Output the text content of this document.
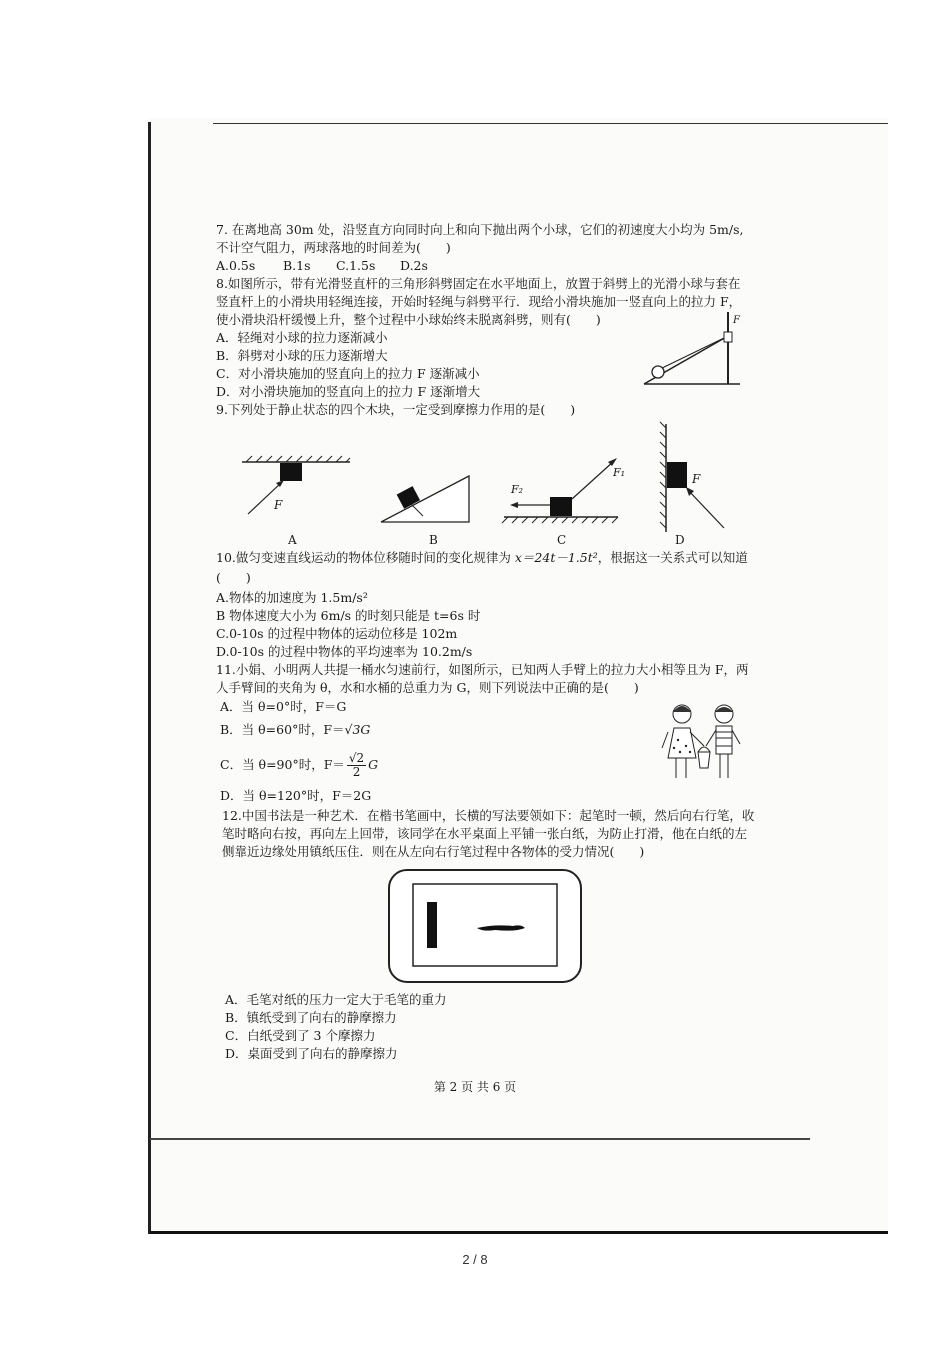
7. 在离地高 30m 处，沿竖直方向同时向上和向下抛出两个小球，它们的初速度大小均为 5m/s,
不计空气阻力，两球落地的时间差为(　　)
A.0.5s B.1s C.1.5s D.2s
8.如图所示，带有光滑竖直杆的三角形斜劈固定在水平地面上，放置于斜劈上的光滑小球与套在
竖直杆上的小滑块用轻绳连接，开始时轻绳与斜劈平行．现给小滑块施加一竖直向上的拉力 F，
使小滑块沿杆缓慢上升，整个过程中小球始终未脱离斜劈，则有(　　)
A．轻绳对小球的拉力逐渐减小
B．斜劈对小球的压力逐渐增大
C．对小滑块施加的竖直向上的拉力 F 逐渐减小
D．对小滑块施加的竖直向上的拉力 F 逐渐增大
F
9.下列处于静止状态的四个木块，一定受到摩擦力作用的是(　　)
F
A	B
F₁
F₂
C
F
D
10.做匀变速直线运动的物体位移随时间的变化规律为 x＝24t－1.5t²，根据这一关系式可以知道
(　　)
A.物体的加速度为 1.5m/s²
B 物体速度大小为 6m/s 的时刻只能是 t=6s 时
C.0-10s 的过程中物体的运动位移是 102m
D.0-10s 的过程中物体的平均速率为 10.2m/s
11.小娟、小明两人共提一桶水匀速前行，如图所示，已知两人手臂上的拉力大小相等且为 F，两
人手臂间的夹角为 θ，水和水桶的总重力为 G，则下列说法中正确的是(　　)
A．当 θ=0°时，F＝G
B．当 θ=60°时，F＝√3G
C．当 θ=90°时，$F= \frac{√2}{2}$ G
D．当 θ=120°时，F＝2G
12.中国书法是一种艺术．在楷书笔画中，长横的写法要领如下：起笔时一顿，然后向右行笔，收
笔时略向右按，再向左上回带，该同学在水平桌面上平铺一张白纸，为防止打滑，他在白纸的左
侧靠近边缘处用镇纸压住．则在从左向右行笔过程中各物体的受力情况(　　)
A．毛笔对纸的压力一定大于毛笔的重力
B．镇纸受到了向右的静摩擦力
C．白纸受到了 3 个摩擦力
D．桌面受到了向右的静摩擦力
第 2 页 共 6 页
2 / 8
